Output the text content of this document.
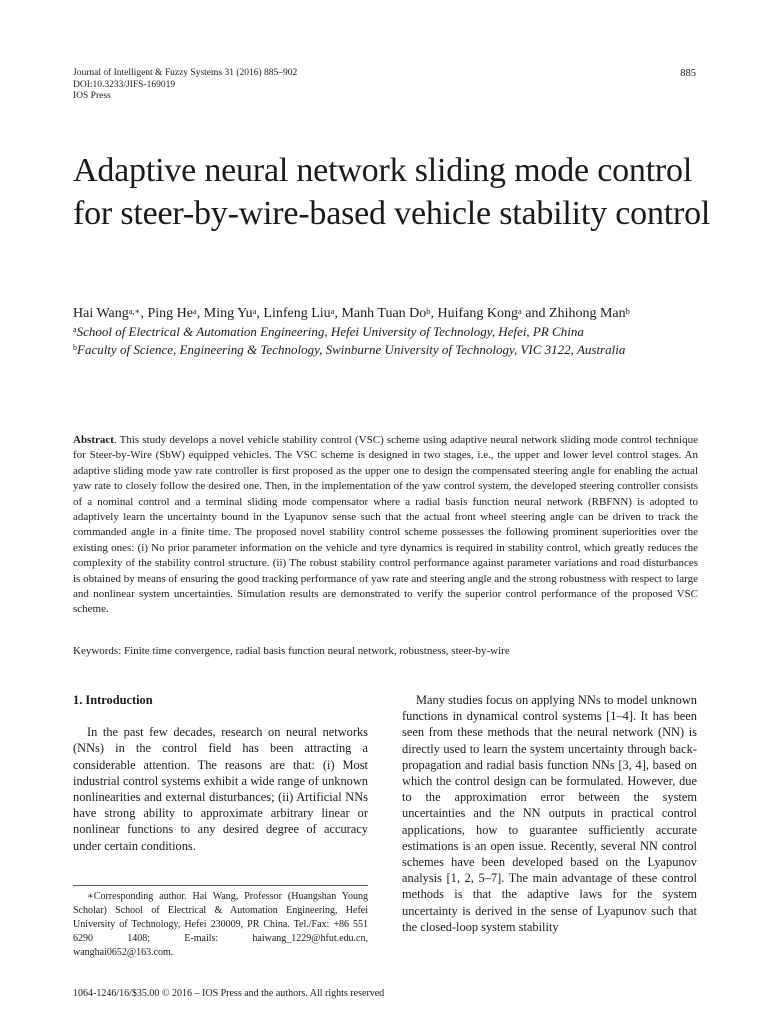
Journal of Intelligent & Fuzzy Systems 31 (2016) 885–902
DOI:10.3233/JIFS-169019
IOS Press
885
Adaptive neural network sliding mode control for steer-by-wire-based vehicle stability control
Hai Wang$^{a,∗}$, Ping He$^a$, Ming Yu$^a$, Linfeng Liu$^a$, Manh Tuan Do$^b$, Huifang Kong$^a$ and Zhihong Man$^b$
$^a$School of Electrical & Automation Engineering, Hefei University of Technology, Hefei, PR China
$^b$Faculty of Science, Engineering & Technology, Swinburne University of Technology, VIC 3122, Australia

Abstract. This study develops a novel vehicle stability control (VSC) scheme using adaptive neural network sliding mode control technique for Steer-by-Wire (SbW) equipped vehicles. The VSC scheme is designed in two stages, i.e., the upper and lower level control stages. An adaptive sliding mode yaw rate controller is first proposed as the upper one to design the compensated steering angle for enabling the actual yaw rate to closely follow the desired one. Then, in the implementation of the yaw control system, the developed steering controller consists of a nominal control and a terminal sliding mode compensator where a radial basis function neural network (RBFNN) is adopted to adaptively learn the uncertainty bound in the Lyapunov sense such that the actual front wheel steering angle can be driven to track the commanded angle in a finite time. The proposed novel stability control scheme possesses the following prominent superiorities over the existing ones: (i) No prior parameter information on the vehicle and tyre dynamics is required in stability control, which greatly reduces the complexity of the stability control structure. (ii) The robust stability control performance against parameter variations and road disturbances is obtained by means of ensuring the good tracking performance of yaw rate and steering angle and the strong robustness with respect to large and nonlinear system uncertainties. Simulation results are demonstrated to verify the superior control performance of the proposed VSC scheme.

Keywords: Finite time convergence, radial basis function neural network, robustness, steer-by-wire
1. Introduction

In the past few decades, research on neural networks (NNs) in the control field has been attracting a considerable attention. The reasons are that: (i) Most industrial control systems exhibit a wide range of unknown nonlinearities and external disturbances; (ii) Artificial NNs have strong ability to approximate arbitrary linear or nonlinear functions to any desired degree of accuracy under certain conditions.

∗Corresponding author. Hai Wang, Professor (Huangshan Young Scholar) School of Electrical & Automation Engineering, Hefei University of Technology, Hefei 230009, PR China. Tel./Fax: +86 551 6290 1408; E-mails: haiwang_1229@hfut.edu.cn, wanghai0652@163.com.

Many studies focus on applying NNs to model unknown functions in dynamical control systems [1–4]. It has been seen from these methods that the neural network (NN) is directly used to learn the system uncertainty through back-propagation and radial basis function NNs [3, 4], based on which the control design can be formulated. However, due to the approximation error between the system uncertainties and the NN outputs in practical control applications, how to guarantee sufficiently accurate estimations is an open issue. Recently, several NN control schemes have been developed based on the Lyapunov analysis [1, 2, 5–7]. The main advantage of these control methods is that the adaptive laws for the system uncertainty is derived in the sense of Lyapunov such that the closed-loop system stability

1064-1246/16/$35.00 © 2016 – IOS Press and the authors. All rights reserved
